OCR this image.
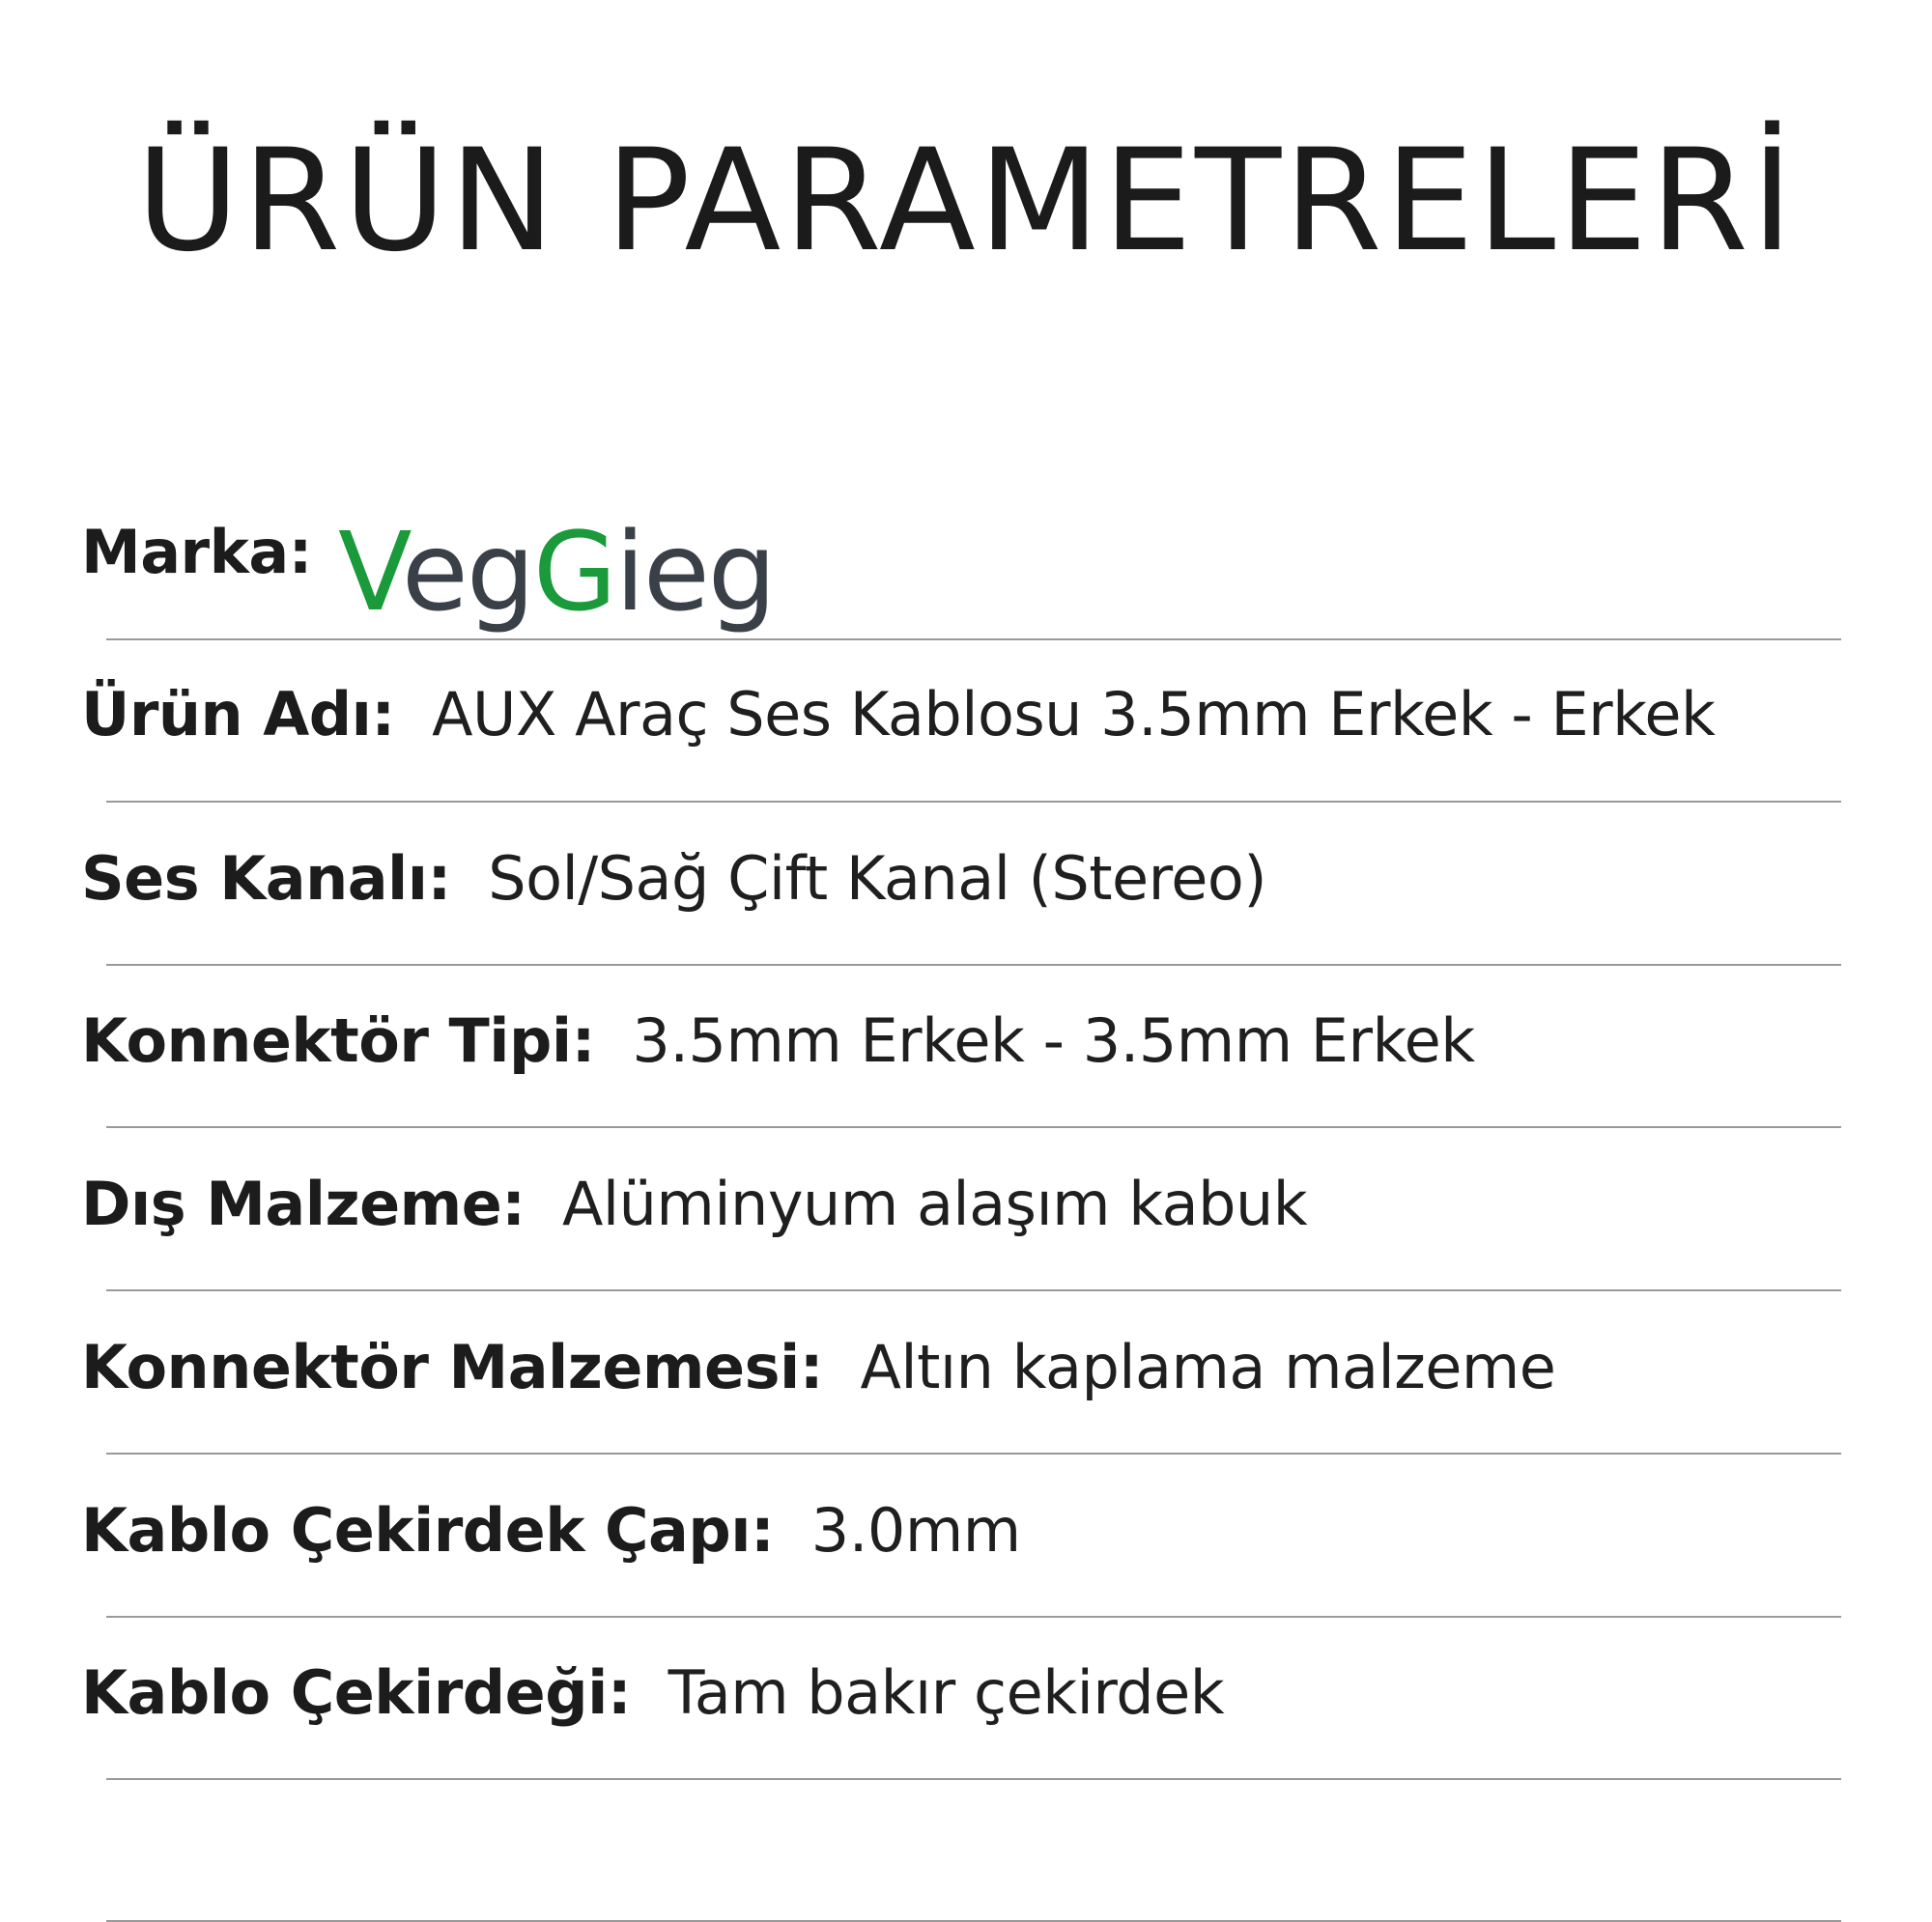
ÜRÜN PARAMETRELERİ
Marka: VegGieg
Ürün Adı: AUX Araç Ses Kablosu 3.5mm Erkek - Erkek
Ses Kanalı: Sol/Sağ Çift Kanal (Stereo)
Konnektör Tipi: 3.5mm Erkek - 3.5mm Erkek
Dış Malzeme: Alüminyum alaşım kabuk
Konnektör Malzemesi: Altın kaplama malzeme
Kablo Çekirdek Çapı: 3.0mm
Kablo Çekirdeği: Tam bakır çekirdek
